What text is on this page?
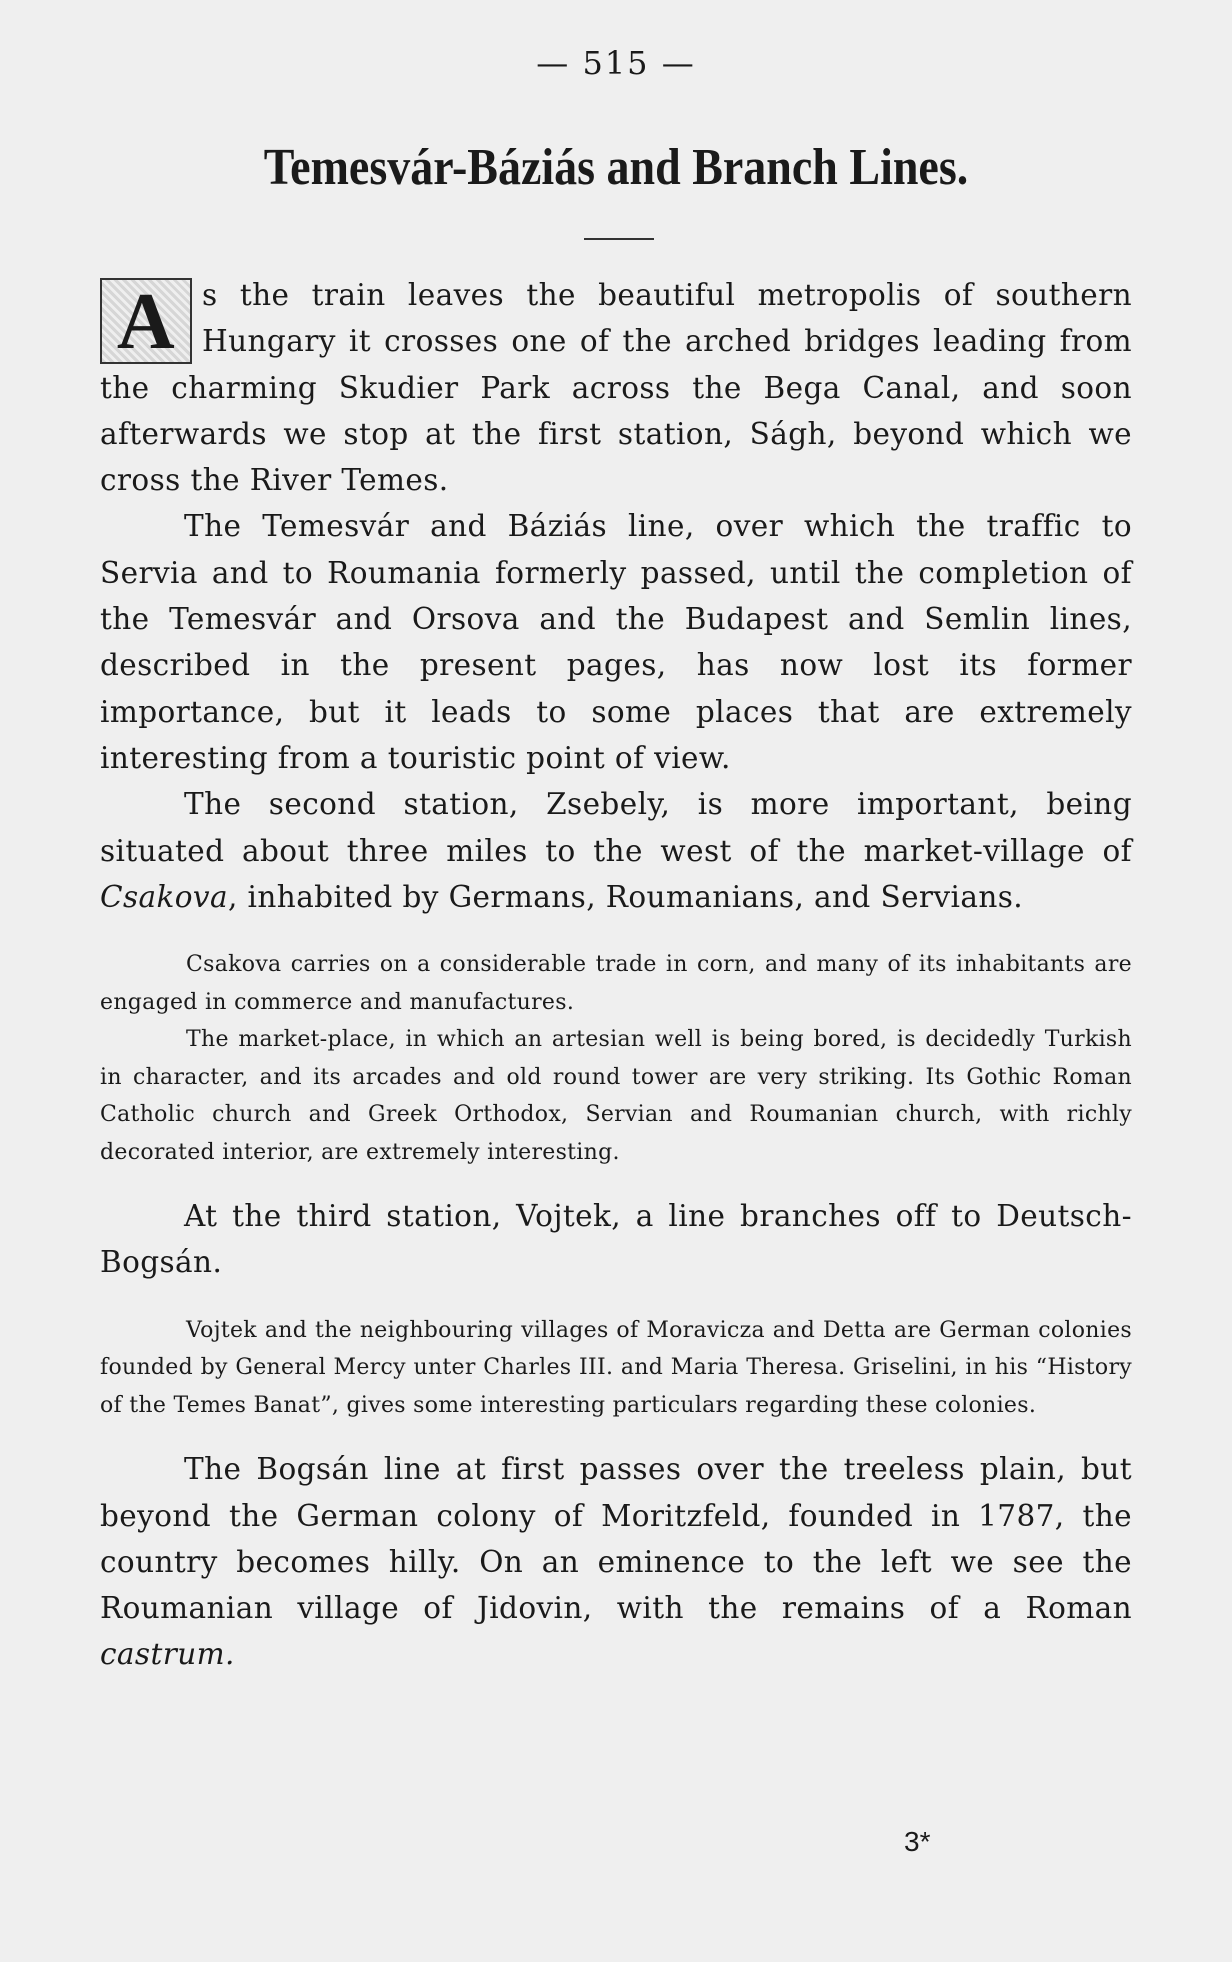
— 515 —
Temesvár-Báziás and Branch Lines.

A s the train leaves the beautiful metropolis of southern Hungary it crosses one of the arched bridges leading from the charming Skudier Park across the Bega Canal, and soon afterwards we stop at the first station, Ságh, beyond which we cross the River Temes.

The Temesvár and Báziás line, over which the traffic to Servia and to Roumania formerly passed, until the completion of the Temesvár and Orsova and the Budapest and Semlin lines, described in the present pages, has now lost its former importance, but it leads to some places that are extremely interesting from a touristic point of view.

The second station, Zsebely, is more important, being situated about three miles to the west of the market-village of Csakova, inhabited by Germans, Roumanians, and Servians.

Csakova carries on a considerable trade in corn, and many of its inhabitants are engaged in commerce and manufactures.

The market-place, in which an artesian well is being bored, is decidedly Turkish in character, and its arcades and old round tower are very striking. Its Gothic Roman Catholic church and Greek Orthodox, Servian and Roumanian church, with richly decorated interior, are extremely interesting.

At the third station, Vojtek, a line branches off to Deutsch-Bogsán.

Vojtek and the neighbouring villages of Moravicza and Detta are German colonies founded by General Mercy unter Charles III. and Maria Theresa. Griselini, in his “History of the Temes Banat”, gives some interesting particulars regarding these colonies.

The Bogsán line at first passes over the treeless plain, but beyond the German colony of Moritzfeld, founded in 1787, the country becomes hilly. On an eminence to the left we see the Roumanian village of Jidovin, with the remains of a Roman castrum.

3*
